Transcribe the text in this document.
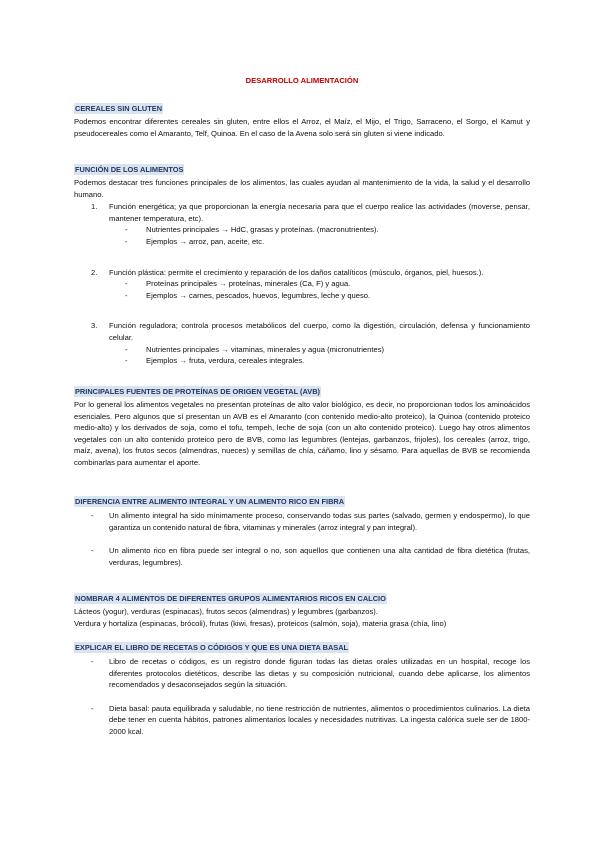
DESARROLLO ALIMENTACIÓN
CEREALES SIN GLUTEN

Podemos encontrar diferentes cereales sin gluten, entre ellos el Arroz, el Maíz, el Mijo, el Trigo, Sarraceno, el Sorgo, el Kamut y pseudocereales como el Amaranto, Telf, Quinoa. En el caso de la Avena solo será sin gluten si viene indicado.

FUNCIÓN DE LOS ALIMENTOS

Podemos destacar tres funciones principales de los alimentos, las cuales ayudan al mantenimiento de la vida, la salud y el desarrollo humano.

1. Función energética; ya que proporcionan la energía necesaria para que el cuerpo realice las actividades (moverse, pensar, mantener temperatura, etc).
- Nutrientes principales → HdC, grasas y proteínas. (macronutrientes).
- Ejemplos → arroz, pan, aceite, etc.
2. Función plástica: permite el crecimiento y reparación de los daños catalíticos (músculo, órganos, piel, huesos.).
- Proteínas principales → proteínas, minerales (Ca, F) y agua.
- Ejemplos → carnes, pescados, huevos, legumbres, leche y queso.
3. Función reguladora; controla procesos metabólicos del cuerpo, como la digestión, circulación, defensa y funcionamiento celular.
- Nutrientes principales → vitaminas, minerales y agua (micronutrientes)
- Ejemplos → fruta, verdura, cereales integrales.
PRINCIPALES FUENTES DE PROTEÍNAS DE ORIGEN VEGETAL (AVB)

Por lo general los alimentos vegetales no presentan proteínas de alto valor biológico, es decir, no proporcionan todos los aminoácidos esenciales. Pero algunos que sí presentan un AVB es el Amaranto (con contenido medio-alto proteico), la Quinoa (contenido proteico medio-alto) y los derivados de soja, como el tofu, tempeh, leche de soja (con un alto contenido proteico). Luego hay otros alimentos vegetales con un alto contenido proteico pero de BVB, como las legumbres (lentejas, garbanzos, frijoles), los cereales (arroz, trigo, maíz, avena), los frutos secos (almendras, nueces) y semillas de chía, cáñamo, lino y sésamo. Para aquellas de BVB se recomienda combinarlas para aumentar el aporte.

DIFERENCIA ENTRE ALIMENTO INTEGRAL Y UN ALIMENTO RICO EN FIBRA
- Un alimento integral ha sido mínimamente proceso, conservando todas sus partes (salvado, germen y endospermo), lo que garantiza un contenido natural de fibra, vitaminas y minerales (arroz integral y pan integral).
- Un alimento rico en fibra puede ser integral o no, son aquellos que contienen una alta cantidad de fibra dietética (frutas, verduras, legumbres).
NOMBRAR 4 ALIMENTOS DE DIFERENTES GRUPOS ALIMENTARIOS RICOS EN CALCIO

Lácteos (yogur), verduras (espinacas), frutos secos (almendras) y legumbres (garbanzos).

Verdura y hortaliza (espinacas, brócoli), frutas (kiwi, fresas), proteicos (salmón, soja), materia grasa (chía, lino)

EXPLICAR EL LIBRO DE RECETAS O CÓDIGOS Y QUE ES UNA DIETA BASAL
- Libro de recetas o códigos, es un registro donde figuran todas las dietas orales utilizadas en un hospital, recoge los diferentes protocolos dietéticos, describe las dietas y su composición nutricional, cuando debe aplicarse, los alimentos recomendados y desaconsejados según la situación.
- Dieta basal: pauta equilibrada y saludable, no tiene restricción de nutrientes, alimentos o procedimientos culinarios. La dieta debe tener en cuenta hábitos, patrones alimentarios locales y necesidades nutritivas. La ingesta calórica suele ser de 1800-2000 kcal.
